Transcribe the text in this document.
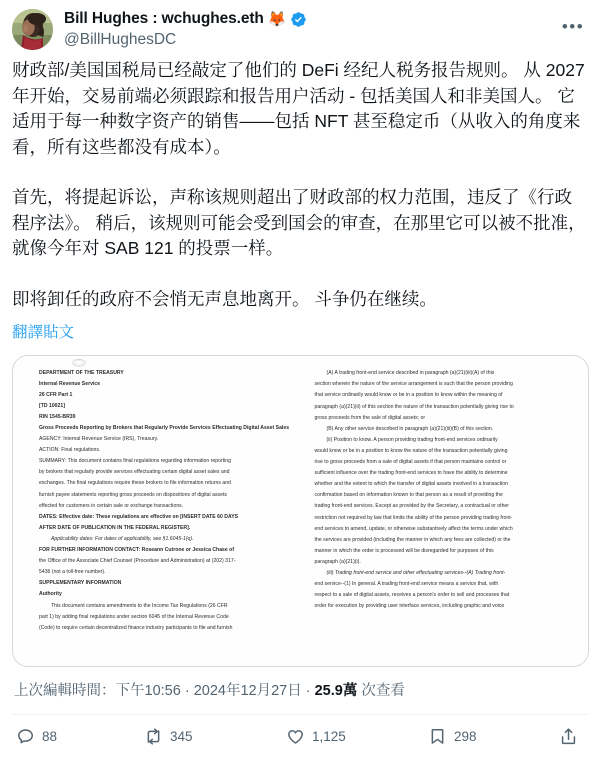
Bill Hughes : wchughes.eth 🦊
@BillHughesDC
•••

财政部/美国国税局已经敲定了他们的 DeFi 经纪人税务报告规则。 从 2027 年开始，交易前端必须跟踪和报告用户活动 - 包括美国人和非美国人。 它适用于每一种数字资产的销售——包括 NFT 甚至稳定币（从收入的角度来看，所有这些都没有成本）。

首先，将提起诉讼，声称该规则超出了财政部的权力范围，违反了《行政程序法》。 稍后，该规则可能会受到国会的审查，在那里它可以被不批准，就像今年对 SAB 121 的投票一样。

即将卸任的政府不会悄无声息地离开。 斗争仍在继续。

翻譯貼文

DEPARTMENT OF THE TREASURY

Internal Revenue Service

26 CFR Part 1

[TD 10021]

RIN 1545-BR39

Gross Proceeds Reporting by Brokers that Regularly Provide Services Effectuating Digital Asset Sales

AGENCY: Internal Revenue Service (IRS), Treasury.

ACTION: Final regulations.

SUMMARY: This document contains final regulations regarding information reporting

by brokers that regularly provide services effectuating certain digital asset sales and

exchanges. The final regulations require these brokers to file information returns and

furnish payee statements reporting gross proceeds on dispositions of digital assets

effected for customers in certain sale or exchange transactions.

DATES: Effective date: These regulations are effective on [INSERT DATE 60 DAYS

AFTER DATE OF PUBLICATION IN THE FEDERAL REGISTER].

Applicability dates: For dates of applicability, see §1.6045-1(q).

FOR FURTHER INFORMATION CONTACT: Roseann Cutrone or Jessica Chase of

the Office of the Associate Chief Counsel (Procedure and Administration) at (202) 317-

5436 (not a toll-free number).

SUPPLEMENTARY INFORMATION

Authority

This document contains amendments to the Income Tax Regulations (26 CFR

part 1) by adding final regulations under section 6045 of the Internal Revenue Code

(Code) to require certain decentralized finance industry participants to file and furnish

(A) A trading front-end service described in paragraph (a)(21)(iii)(A) of this

section wherein the nature of the service arrangement is such that the person providing

that service ordinarily would know or be in a position to know within the meaning of

paragraph (a)(21)(ii) of this section the nature of the transaction potentially giving rise to

gross proceeds from the sale of digital assets; or

(B) Any other service described in paragraph (a)(21)(iii)(B) of this section.

(ii) Position to know. A person providing trading front-end services ordinarily

would know or be in a position to know the nature of the transaction potentially giving

rise to gross proceeds from a sale of digital assets if that person maintains control or

sufficient influence over the trading front-end services to have the ability to determine

whether and the extent to which the transfer of digital assets involved in a transaction

confirmation based on information known to that person as a result of providing the

trading front-end services. Except as provided by the Secretary, a contractual or other

restriction not required by law that limits the ability of the person providing trading front-

end services to amend, update, or otherwise substantively affect the terms under which

the services are provided (including the manner in which any fees are collected) or the

manner in which the order is processed will be disregarded for purposes of this

paragraph (a)(21)(i).

(iii) Trading front-end service and other effectuating services--(A) Trading front-

end service--(1) In general. A trading front-end service means a service that, with

respect to a sale of digital assets, receives a person's order to sell and processes that

order for execution by providing user interface services, including graphic and voice

上次編輯時間：下午10:56 · 2024年12月27日 · 25.9萬 次查看
88	345	1,125	298
